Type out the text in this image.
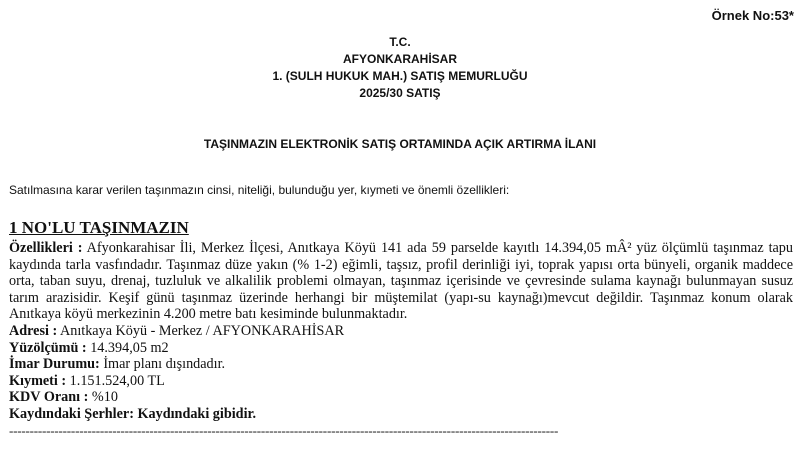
Örnek No:53*
T.C.
AFYONKARAHİSAR
1. (SULH HUKUK MAH.) SATIŞ MEMURLUĞU
2025/30 SATIŞ
TAŞINMAZIN ELEKTRONİK SATIŞ ORTAMINDA AÇIK ARTIRMA İLANI
Satılmasına karar verilen taşınmazın cinsi, niteliği, bulunduğu yer, kıymeti ve önemli özellikleri:
1 NO'LU TAŞINMAZIN
Özellikleri : Afyonkarahisar İli, Merkez İlçesi, Anıtkaya Köyü 141 ada 59 parselde kayıtlı 14.394,05 mÂ² yüz ölçümlü taşınmaz tapu kaydında tarla vasfındadır. Taşınmaz düze yakın (% 1-2) eğimli, taşsız, profil derinliği iyi, toprak yapısı orta bünyeli, organik maddece orta, taban suyu, drenaj, tuzluluk ve alkalilik problemi olmayan, taşınmaz içerisinde ve çevresinde sulama kaynağı bulunmayan susuz tarım arazisidir. Keşif günü taşınmaz üzerinde herhangi bir müştemilat (yapı-su kaynağı)mevcut değildir. Taşınmaz konum olarak Anıtkaya köyü merkezinin 4.200 metre batı kesiminde bulunmaktadır.
Adresi : Anıtkaya Köyü - Merkez / AFYONKARAHİSAR
Yüzölçümü : 14.394,05 m2
İmar Durumu: İmar planı dışındadır.
Kıymeti : 1.151.524,00 TL
KDV Oranı : %10
Kaydındaki Şerhler: Kaydındaki gibidir.
-------------------------------------------------------------------------------------------------------------------------------------
